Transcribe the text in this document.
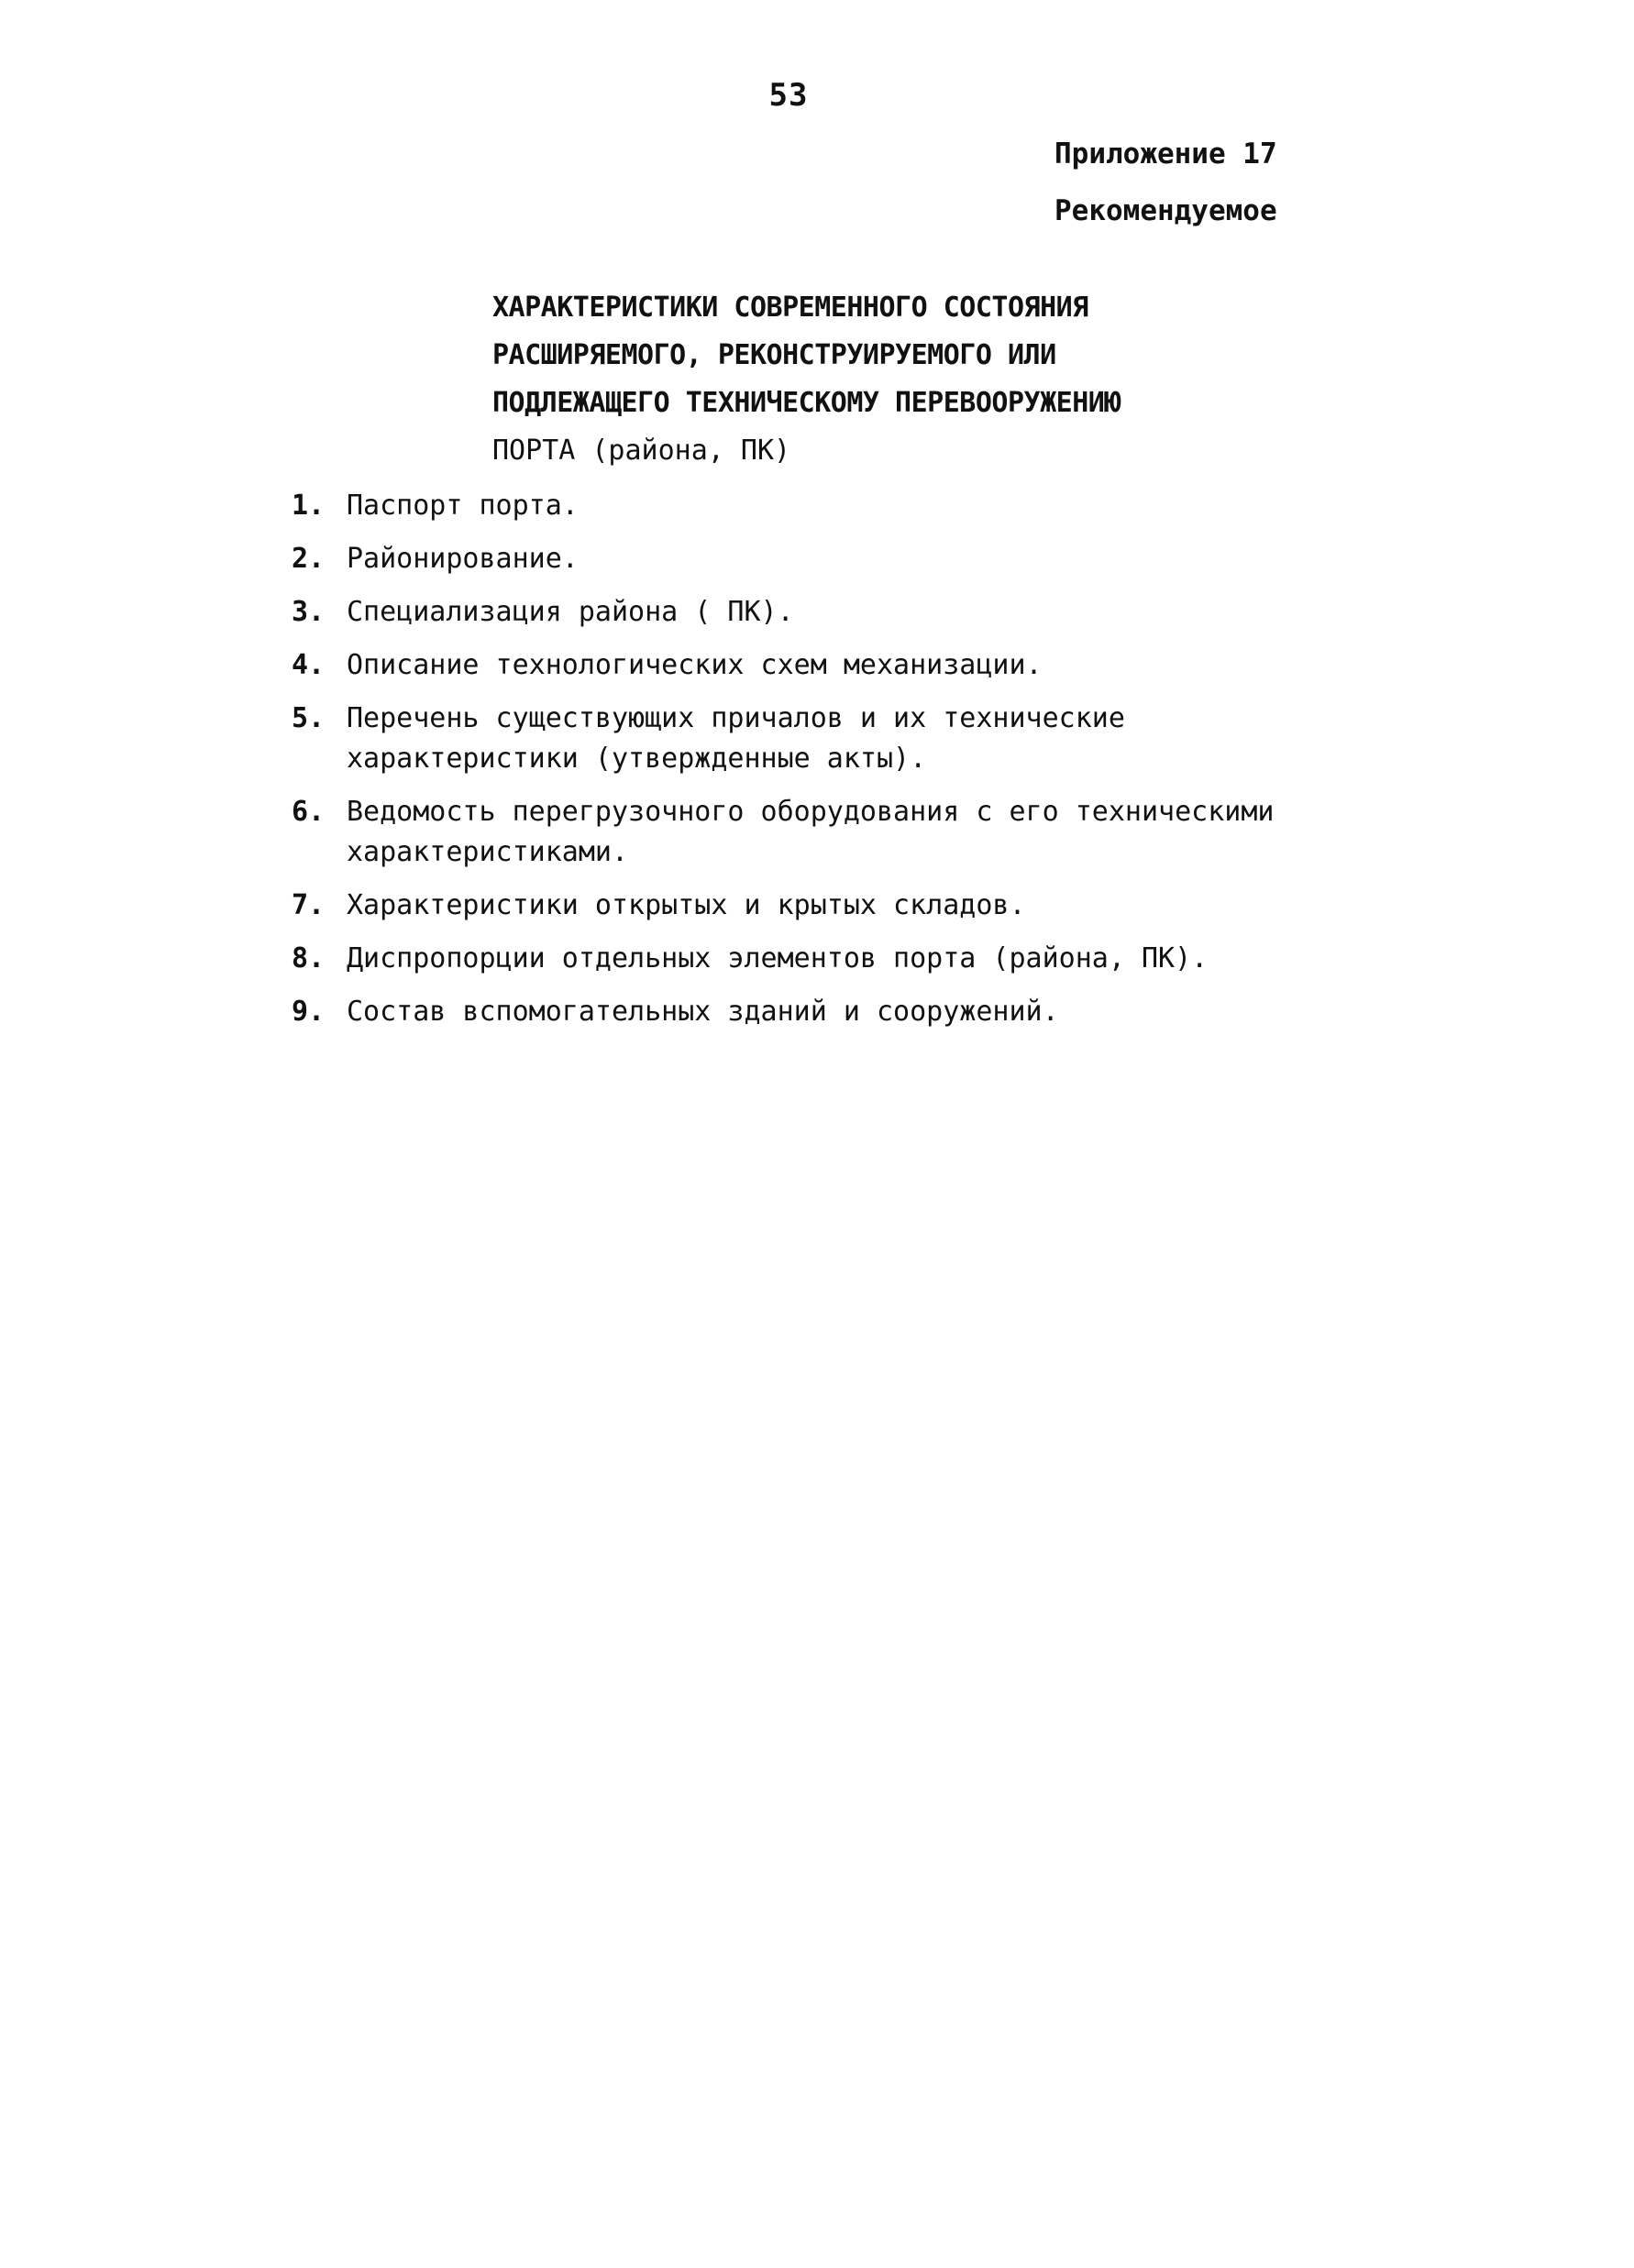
53
Приложение 17
Рекомендуемое
ХАРАКТЕРИСТИКИ СОВРЕМЕННОГО СОСТОЯНИЯ
РАСШИРЯЕМОГО, РЕКОНСТРУИРУЕМОГО ИЛИ
ПОДЛЕЖАЩЕГО ТЕХНИЧЕСКОМУ ПЕРЕВООРУЖЕНИЮ
ПОРТА (района, ПК)
1. Паспорт порта.
2. Районирование.
3. Специализация района ( ПК).
4. Описание технологических схем механизации.
5. Перечень существующих причалов и их технические характеристики (утвержденные акты).
6. Ведомость перегрузочного оборудования с его техническими характеристиками.
7. Характеристики открытых и крытых складов.
8. Диспропорции отдельных элементов порта (района, ПК).
9. Состав вспомогательных зданий и сооружений.
